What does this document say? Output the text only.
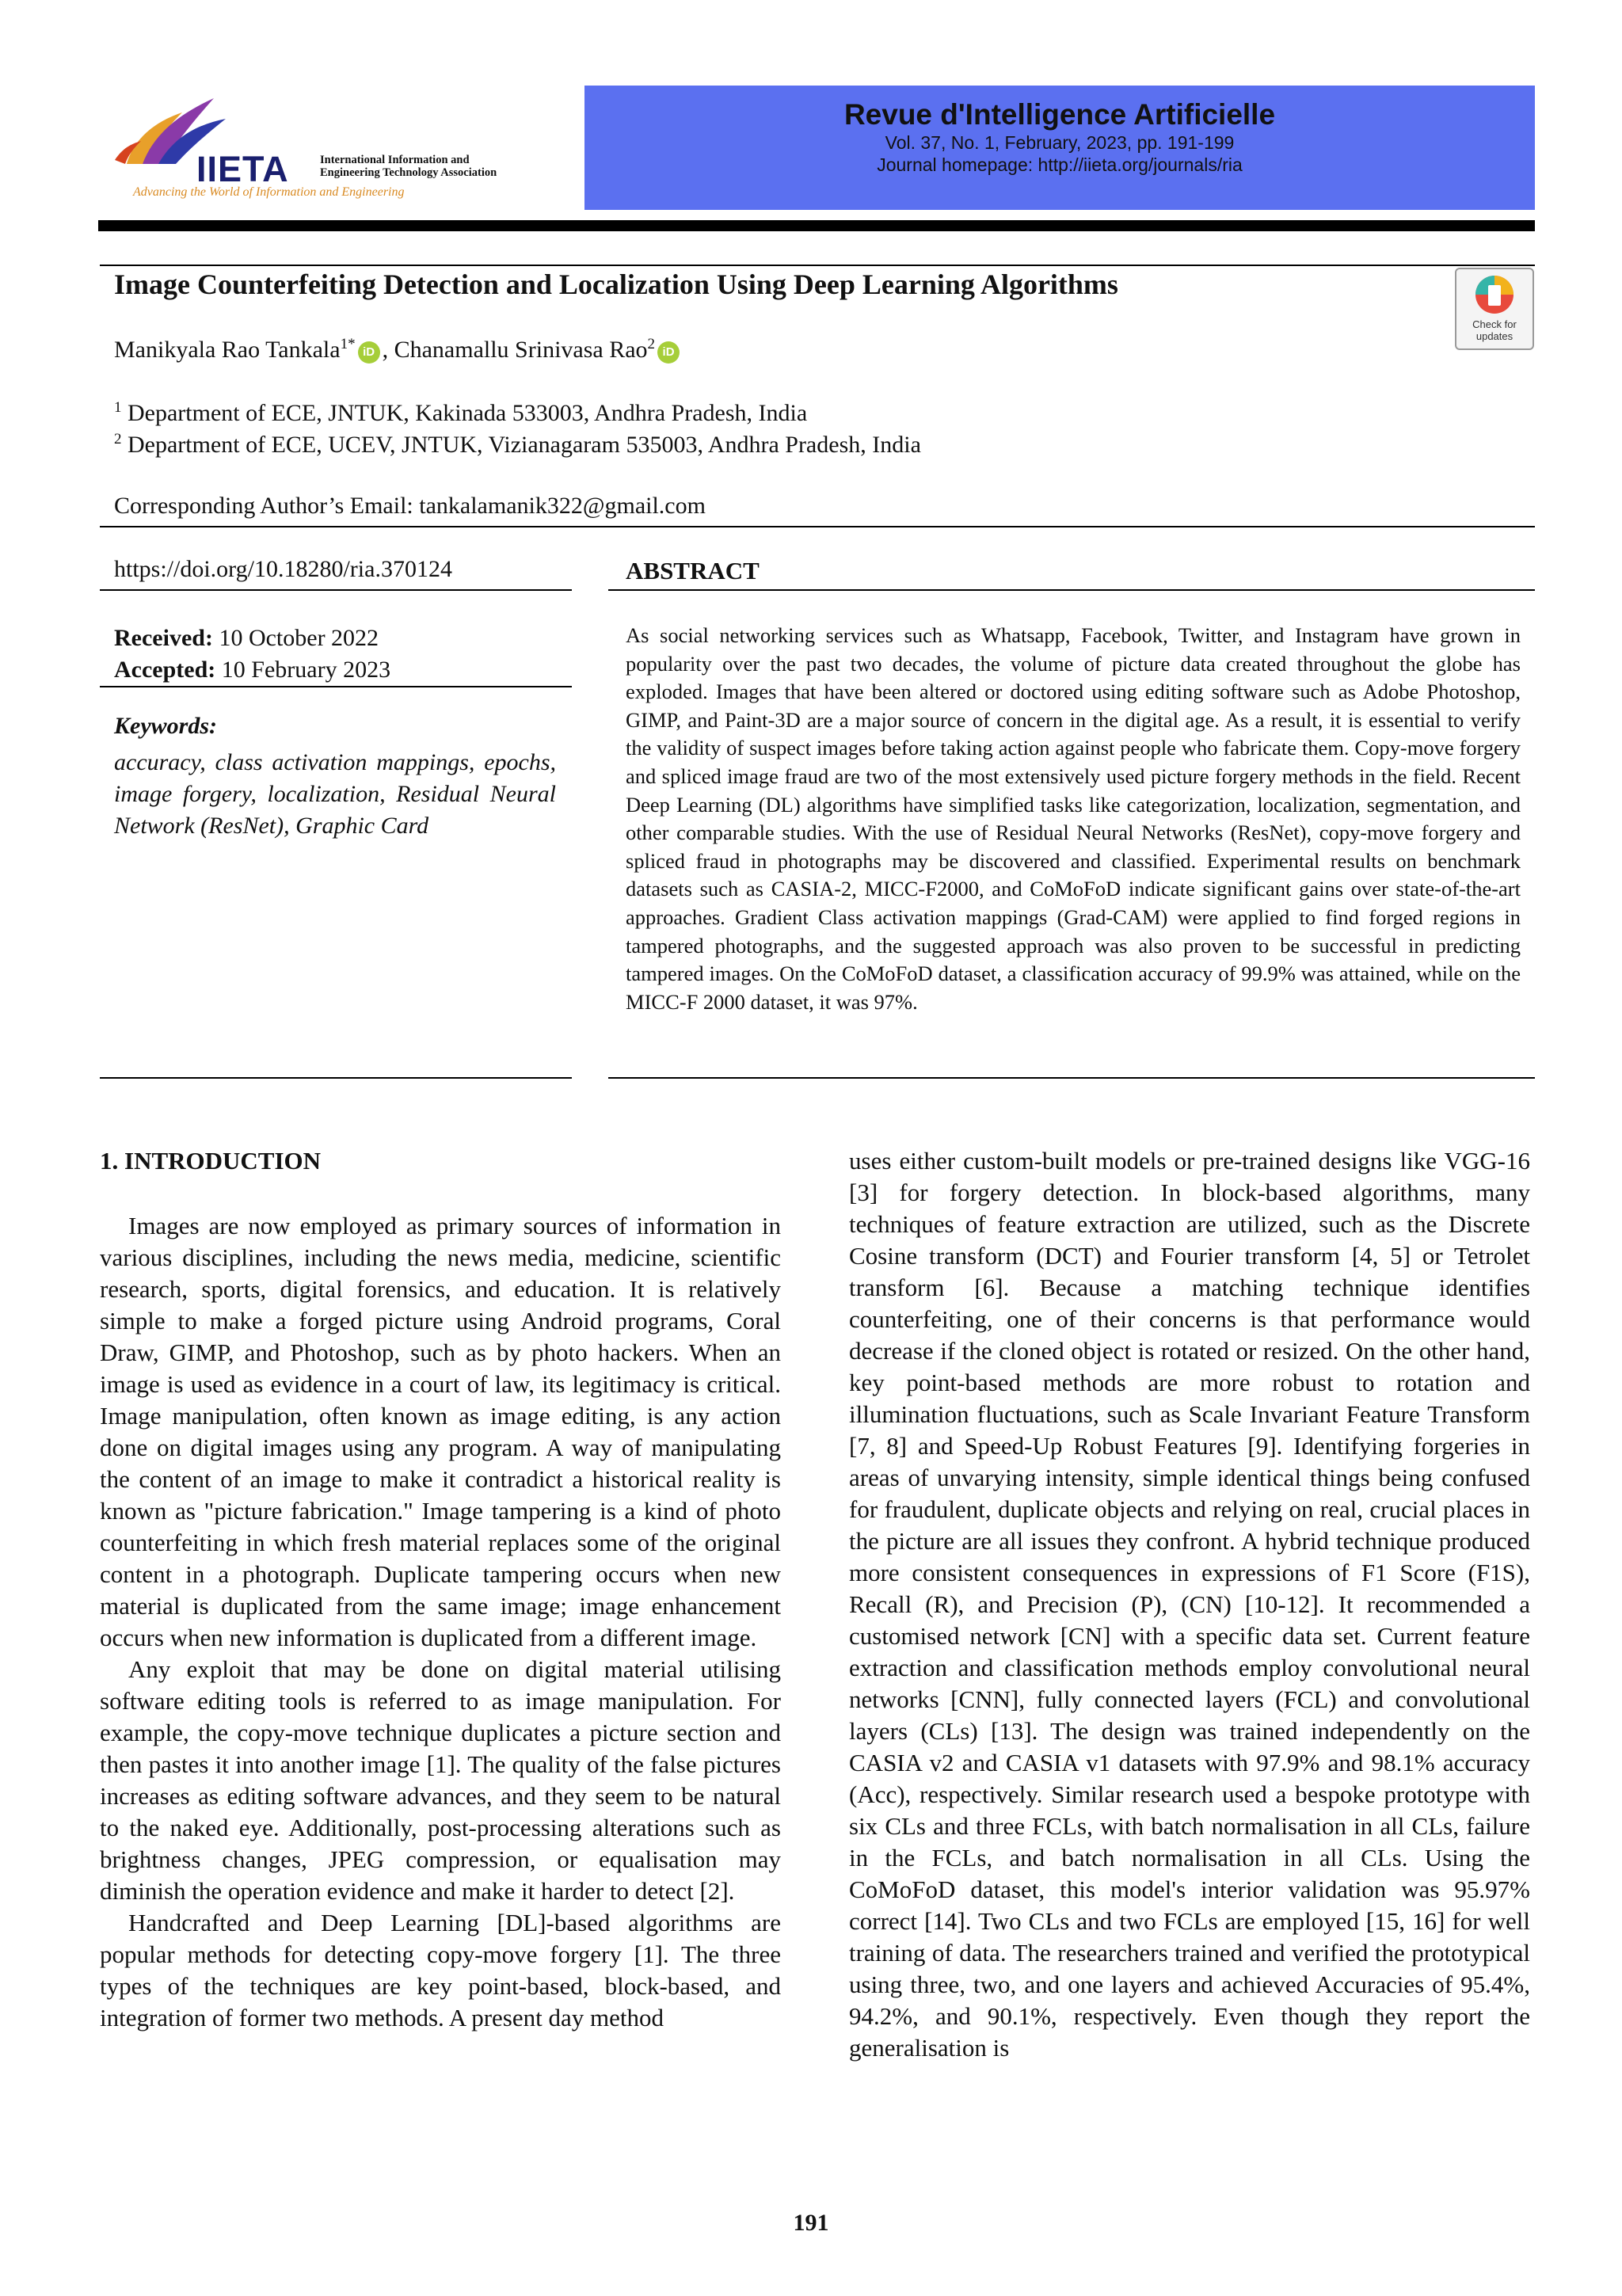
IIETA	International Information and
Engineering Technology Association
Advancing the World of Information and Engineering
Revue d'Intelligence Artificielle
Vol. 37, No. 1, February, 2023, pp. 191-199
Journal homepage: http://iieta.org/journals/ria
Image Counterfeiting Detection and Localization Using Deep Learning Algorithms
Check for
updates
Manikyala Rao Tankala$^{1*}$ iD , Chanamallu Srinivasa Rao$^2$ iD
$^1$ Department of ECE, JNTUK, Kakinada 533003, Andhra Pradesh, India
$^2$ Department of ECE, UCEV, JNTUK, Vizianagaram 535003, Andhra Pradesh, India
Corresponding Author’s Email: tankalamanik322@gmail.com
https://doi.org/10.18280/ria.370124
Received: 10 October 2022
Accepted: 10 February 2023
Keywords:
accuracy, class activation mappings, epochs, image forgery, localization, Residual Neural Network (ResNet), Graphic Card
ABSTRACT
As social networking services such as Whatsapp, Facebook, Twitter, and Instagram have grown in popularity over the past two decades, the volume of picture data created throughout the globe has exploded. Images that have been altered or doctored using editing software such as Adobe Photoshop, GIMP, and Paint-3D are a major source of concern in the digital age. As a result, it is essential to verify the validity of suspect images before taking action against people who fabricate them. Copy-move forgery and spliced image fraud are two of the most extensively used picture forgery methods in the field. Recent Deep Learning (DL) algorithms have simplified tasks like categorization, localization, segmentation, and other comparable studies. With the use of Residual Neural Networks (ResNet), copy-move forgery and spliced fraud in photographs may be discovered and classified. Experimental results on benchmark datasets such as CASIA-2, MICC-F2000, and CoMoFoD indicate significant gains over state-of-the-art approaches. Gradient Class activation mappings (Grad-CAM) were applied to find forged regions in tampered photographs, and the suggested approach was also proven to be successful in predicting tampered images. On the CoMoFoD dataset, a classification accuracy of 99.9% was attained, while on the MICC-F 2000 dataset, it was 97%.
1. INTRODUCTION

Images are now employed as primary sources of information in various disciplines, including the news media, medicine, scientific research, sports, digital forensics, and education. It is relatively simple to make a forged picture using Android programs, Coral Draw, GIMP, and Photoshop, such as by photo hackers. When an image is used as evidence in a court of law, its legitimacy is critical. Image manipulation, often known as image editing, is any action done on digital images using any program. A way of manipulating the content of an image to make it contradict a historical reality is known as "picture fabrication." Image tampering is a kind of photo counterfeiting in which fresh material replaces some of the original content in a photograph. Duplicate tampering occurs when new material is duplicated from the same image; image enhancement occurs when new information is duplicated from a different image.

Any exploit that may be done on digital material utilising software editing tools is referred to as image manipulation. For example, the copy-move technique duplicates a picture section and then pastes it into another image [1]. The quality of the false pictures increases as editing software advances, and they seem to be natural to the naked eye. Additionally, post-processing alterations such as brightness changes, JPEG compression, or equalisation may diminish the operation evidence and make it harder to detect [2].

Handcrafted and Deep Learning [DL]-based algorithms are popular methods for detecting copy-move forgery [1]. The three types of the techniques are key point-based, block-based, and integration of former two methods. A present day method

uses either custom-built models or pre-trained designs like VGG-16 [3] for forgery detection. In block-based algorithms, many techniques of feature extraction are utilized, such as the Discrete Cosine transform (DCT) and Fourier transform [4, 5] or Tetrolet transform [6]. Because a matching technique identifies counterfeiting, one of their concerns is that performance would decrease if the cloned object is rotated or resized. On the other hand, key point-based methods are more robust to rotation and illumination fluctuations, such as Scale Invariant Feature Transform [7, 8] and Speed-Up Robust Features [9]. Identifying forgeries in areas of unvarying intensity, simple identical things being confused for fraudulent, duplicate objects and relying on real, crucial places in the picture are all issues they confront. A hybrid technique produced more consistent consequences in expressions of F1 Score (F1S), Recall (R), and Precision (P), (CN) [10-12]. It recommended a customised network [CN] with a specific data set. Current feature extraction and classification methods employ convolutional neural networks [CNN], fully connected layers (FCL) and convolutional layers (CLs) [13]. The design was trained independently on the CASIA v2 and CASIA v1 datasets with 97.9% and 98.1% accuracy (Acc), respectively. Similar research used a bespoke prototype with six CLs and three FCLs, with batch normalisation in all CLs, failure in the FCLs, and batch normalisation in all CLs. Using the CoMoFoD dataset, this model's interior validation was 95.97% correct [14]. Two CLs and two FCLs are employed [15, 16] for well training of data. The researchers trained and verified the prototypical using three, two, and one layers and achieved Accuracies of 95.4%, 94.2%, and 90.1%, respectively. Even though they report the generalisation is

191
